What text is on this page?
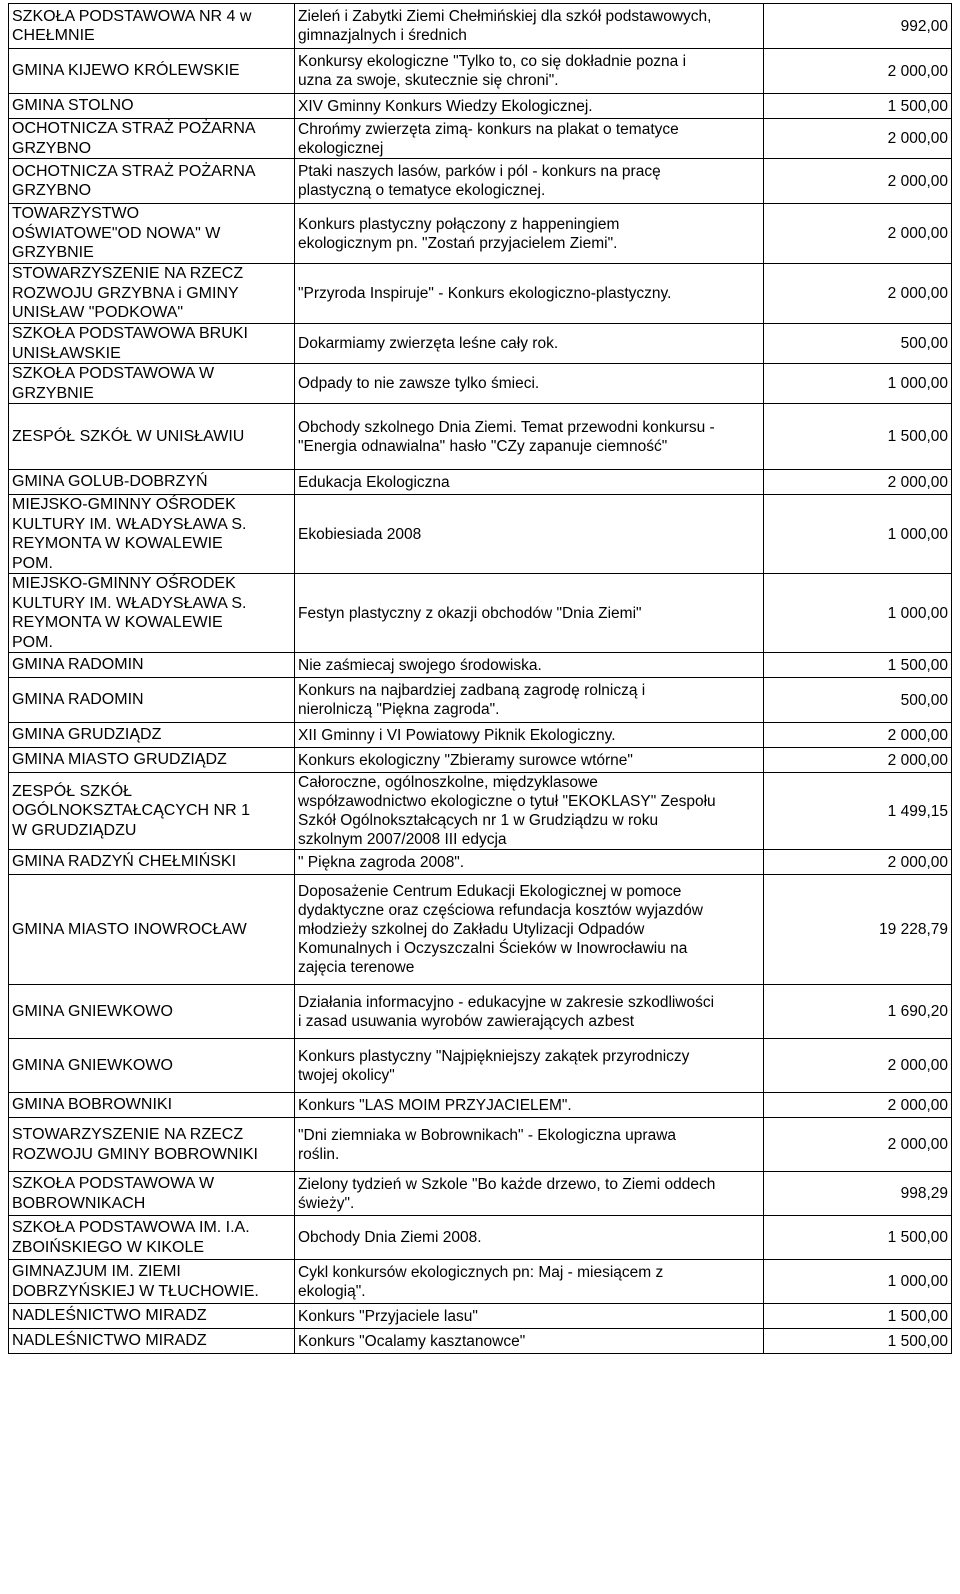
SZKOŁA PODSTAWOWA NR 4 w
CHEŁMNIE	Zieleń i Zabytki Ziemi Chełmińskiej dla szkół podstawowych,
gimnazjalnych i średnich	992,00

GMINA KIJEWO KRÓLEWSKIE	Konkursy ekologiczne "Tylko to, co się dokładnie pozna i
uzna za swoje, skutecznie się chroni".	2 000,00

GMINA STOLNO	XIV Gminny Konkurs Wiedzy Ekologicznej.	1 500,00

OCHOTNICZA STRAŻ POŻARNA
GRZYBNO	Chrońmy zwierzęta zimą- konkurs na plakat o tematyce
ekologicznej	2 000,00

OCHOTNICZA STRAŻ POŻARNA
GRZYBNO	Ptaki naszych lasów, parków i pól - konkurs na pracę
plastyczną o tematyce ekologicznej.	2 000,00

TOWARZYSTWO
OŚWIATOWE"OD NOWA" W
GRZYBNIE	Konkurs plastyczny połączony z happeningiem
ekologicznym pn. "Zostań przyjacielem Ziemi".	2 000,00

STOWARZYSZENIE NA RZECZ
ROZWOJU GRZYBNA i GMINY
UNISŁAW "PODKOWA"	"Przyroda Inspiruje" - Konkurs ekologiczno-plastyczny.	2 000,00

SZKOŁA PODSTAWOWA BRUKI
UNISŁAWSKIE	Dokarmiamy zwierzęta leśne cały rok.	500,00

SZKOŁA PODSTAWOWA W
GRZYBNIE	Odpady to nie zawsze tylko śmieci.	1 000,00

ZESPÓŁ SZKÓŁ W UNISŁAWIU	Obchody szkolnego Dnia Ziemi. Temat przewodni konkursu -
"Energia odnawialna" hasło "CZy zapanuje ciemność"	1 500,00

GMINA GOLUB-DOBRZYŃ	Edukacja Ekologiczna	2 000,00

MIEJSKO-GMINNY OŚRODEK
KULTURY IM. WŁADYSŁAWA S.
REYMONTA W KOWALEWIE
POM.	Ekobiesiada 2008	1 000,00

MIEJSKO-GMINNY OŚRODEK
KULTURY IM. WŁADYSŁAWA S.
REYMONTA W KOWALEWIE
POM.	Festyn plastyczny z okazji obchodów "Dnia Ziemi"	1 000,00

GMINA RADOMIN	Nie zaśmiecaj swojego środowiska.	1 500,00

GMINA RADOMIN	Konkurs na najbardziej zadbaną zagrodę rolniczą i
nierolniczą "Piękna zagroda".	500,00

GMINA GRUDZIĄDZ	XII Gminny i VI Powiatowy Piknik Ekologiczny.	2 000,00

GMINA MIASTO GRUDZIĄDZ	Konkurs ekologiczny "Zbieramy surowce wtórne"	2 000,00

ZESPÓŁ SZKÓŁ
OGÓLNOKSZTAŁCĄCYCH NR 1
W GRUDZIĄDZU	Całoroczne, ogólnoszkolne, międzyklasowe
współzawodnictwo ekologiczne o tytuł "EKOKLASY" Zespołu
Szkół Ogólnokształcących nr 1 w Grudziądzu w roku
szkolnym 2007/2008 III edycja	1 499,15

GMINA RADZYŃ CHEŁMIŃSKI	" Piękna zagroda 2008".	2 000,00

GMINA MIASTO INOWROCŁAW	Doposażenie Centrum Edukacji Ekologicznej w pomoce
dydaktyczne oraz częściowa refundacja kosztów wyjazdów
młodzieży szkolnej do Zakładu Utylizacji Odpadów
Komunalnych i Oczyszczalni Ścieków w Inowrocławiu na
zajęcia terenowe	19 228,79

GMINA GNIEWKOWO	Działania informacyjno - edukacyjne w zakresie szkodliwości
i zasad usuwania wyrobów zawierających azbest	1 690,20

GMINA GNIEWKOWO	Konkurs plastyczny "Najpiękniejszy zakątek przyrodniczy
twojej okolicy"	2 000,00

GMINA BOBROWNIKI	Konkurs "LAS MOIM PRZYJACIELEM".	2 000,00

STOWARZYSZENIE NA RZECZ
ROZWOJU GMINY BOBROWNIKI	"Dni ziemniaka w Bobrownikach" - Ekologiczna uprawa
roślin.	2 000,00

SZKOŁA PODSTAWOWA W
BOBROWNIKACH	Zielony tydzień w Szkole "Bo każde drzewo, to Ziemi oddech
świeży".	998,29

SZKOŁA PODSTAWOWA IM. I.A.
ZBOIŃSKIEGO W KIKOLE	Obchody Dnia Ziemi 2008.	1 500,00

GIMNAZJUM IM. ZIEMI
DOBRZYŃSKIEJ W TŁUCHOWIE.	Cykl konkursów ekologicznych pn: Maj - miesiącem z
ekologią".	1 000,00

NADLEŚNICTWO MIRADZ	Konkurs "Przyjaciele lasu"	1 500,00

NADLEŚNICTWO MIRADZ	Konkurs "Ocalamy kasztanowce"	1 500,00
